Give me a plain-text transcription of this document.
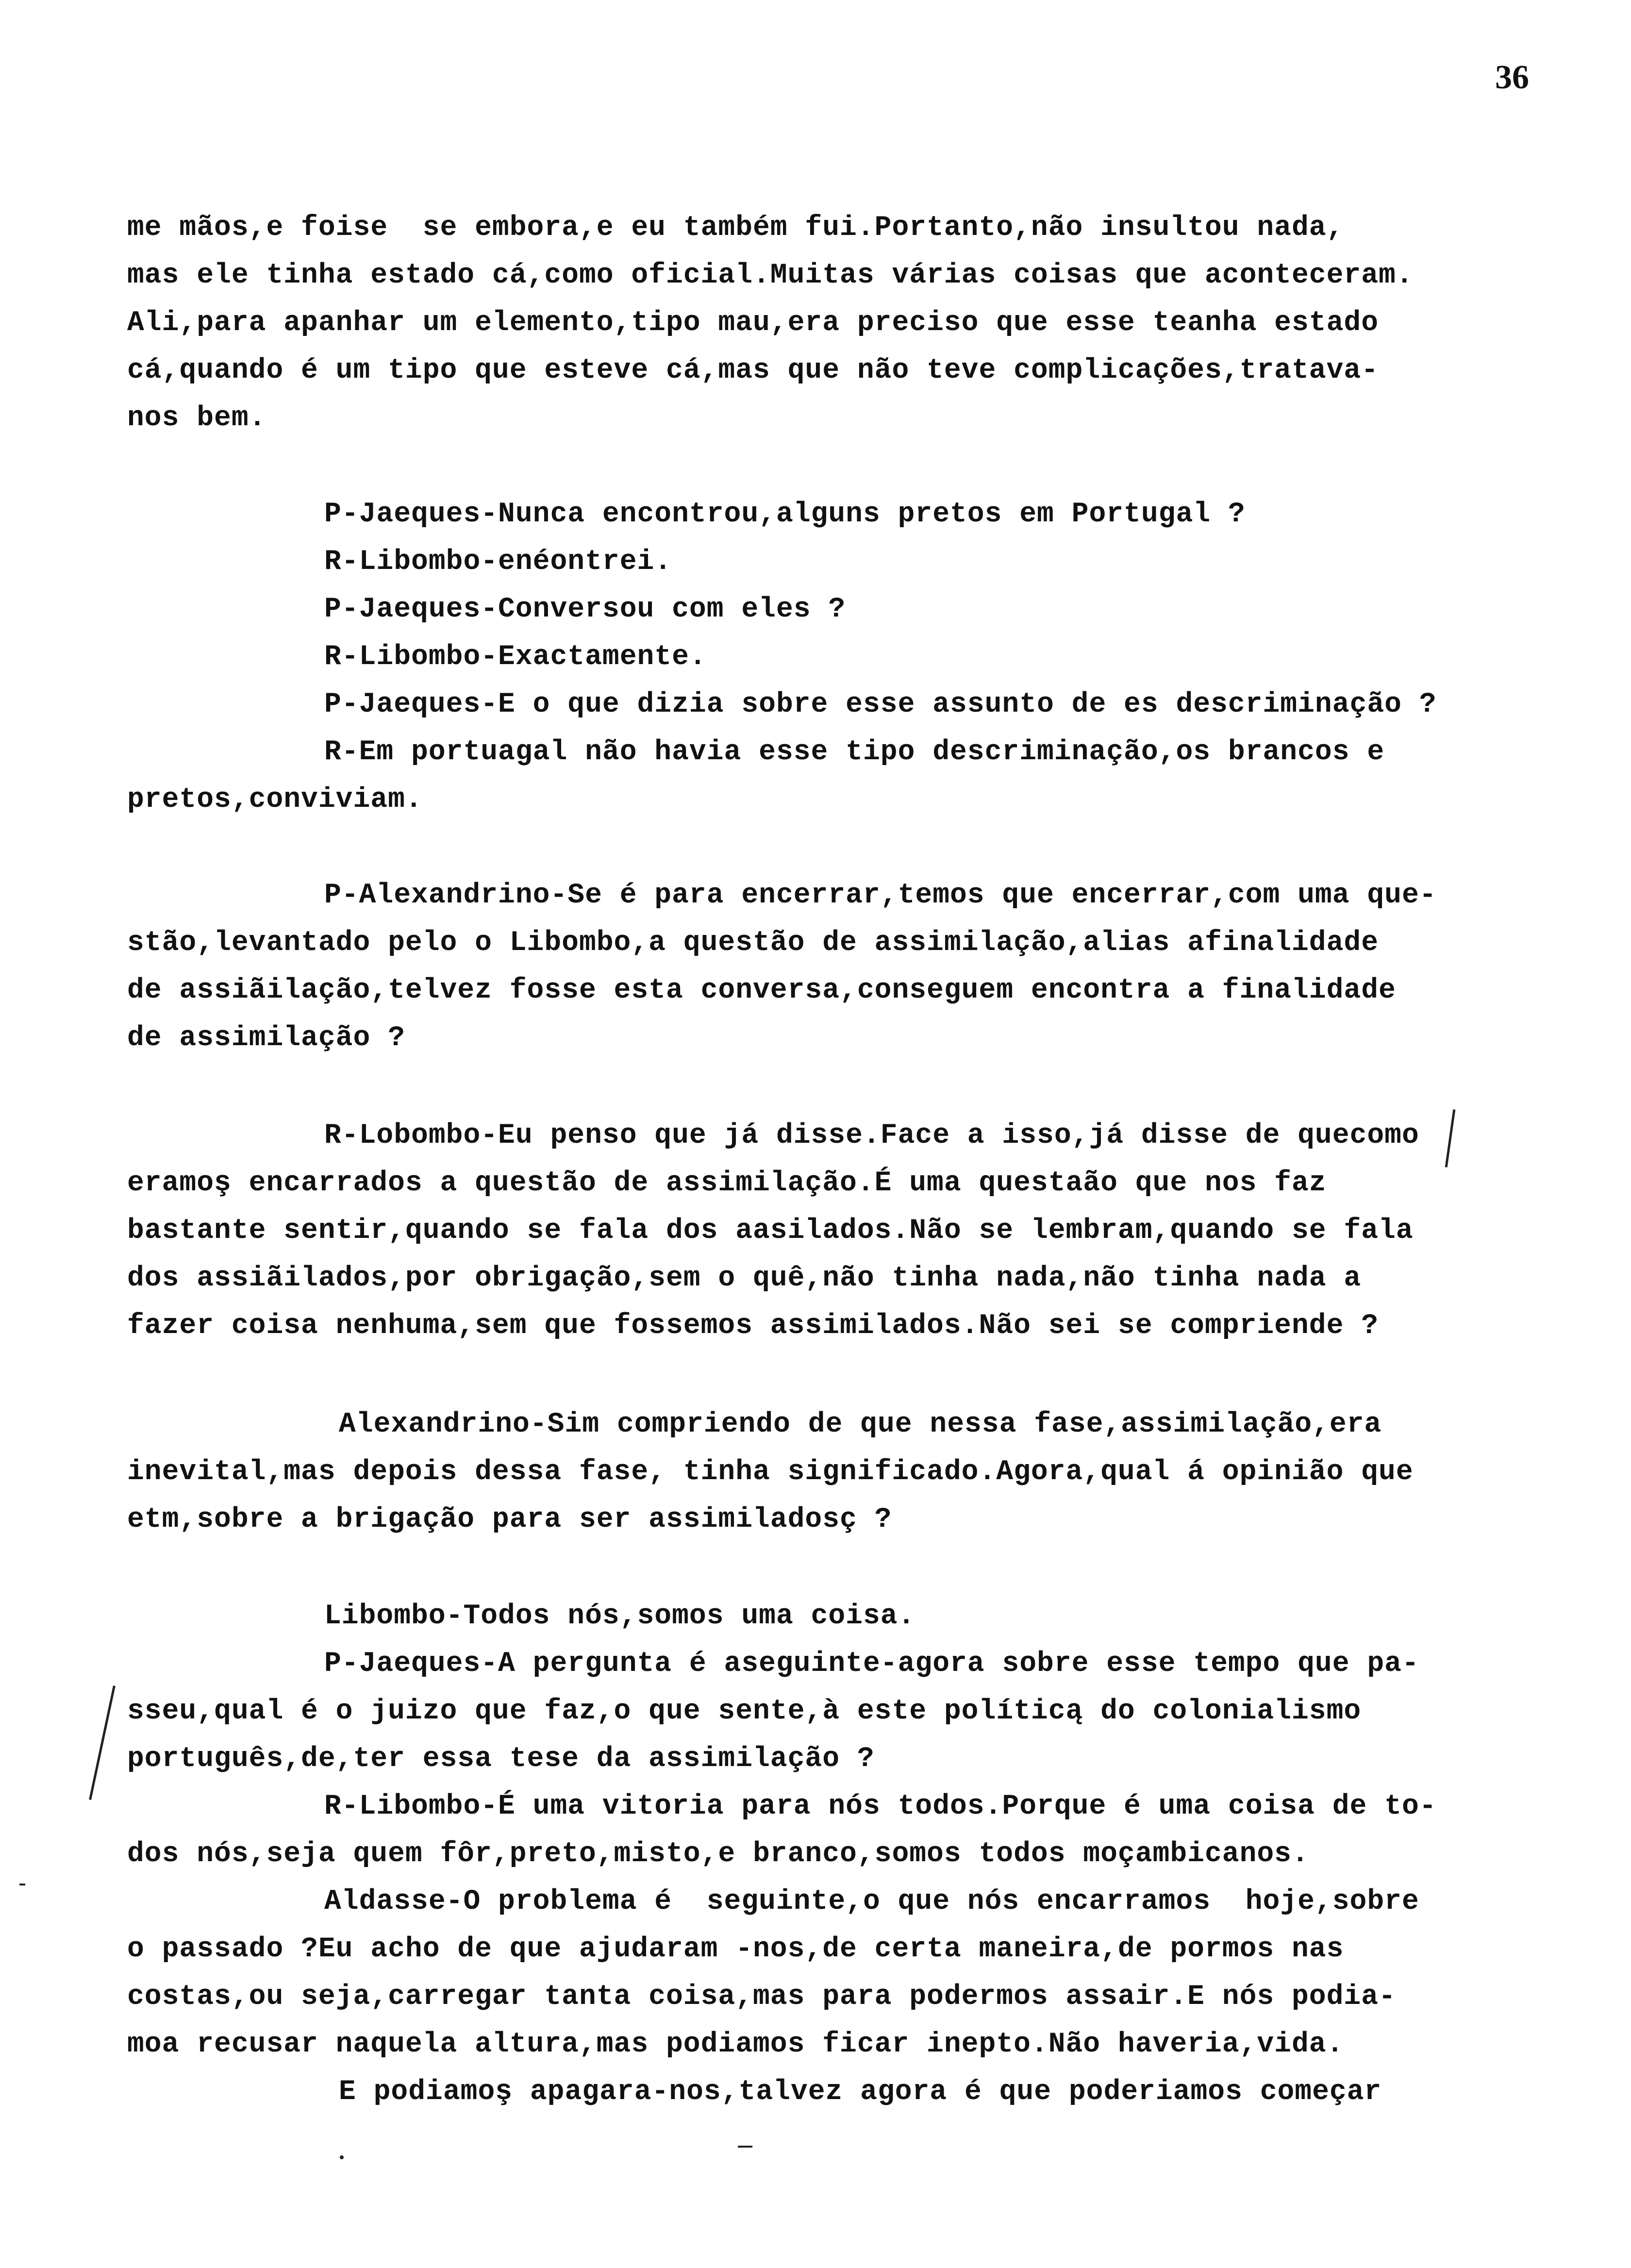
36
me mãos,e foise  se embora,e eu também fui.Portanto,não insultou nada,
mas ele tinha estado cá,como oficial.Muitas várias coisas que aconteceram.
Ali,para apanhar um elemento,tipo mau,era preciso que esse teanha estado
cá,quando é um tipo que esteve cá,mas que não teve complicações,tratava-
nos bem.
P-Jaeques-Nunca encontrou,alguns pretos em Portugal ?
R-Libombo-enéontrei.
P-Jaeques-Conversou com eles ?
R-Libombo-Exactamente.
P-Jaeques-E o que dizia sobre esse assunto de es descriminação ?
R-Em portuagal não havia esse tipo descriminação,os brancos e
pretos,conviviam.
P-Alexandrino-Se é para encerrar,temos que encerrar,com uma que-
stão,levantado pelo o Libombo,a questão de assimilação,alias afinalidade
de assiãilação,telvez fosse esta conversa,conseguem encontra a finalidade
de assimilação ?
R-Lobombo-Eu penso que já disse.Face a isso,já disse de quecomo
eramoş encarrados a questão de assimilação.É uma questaão que nos faz
bastante sentir,quando se fala dos aasilados.Não se lembram,quando se fala
dos assiãilados,por obrigação,sem o quê,não tinha nada,não tinha nada a
fazer coisa nenhuma,sem que fossemos assimilados.Não sei se compriende ?
Alexandrino-Sim compriendo de que nessa fase,assimilação,era
inevital,mas depois dessa fase, tinha significado.Agora,qual á opinião que
etm,sobre a brigação para ser assimiladosç ?
Libombo-Todos nós,somos uma coisa.
P-Jaeques-A pergunta é aseguinte-agora sobre esse tempo que pa-
sseu,qual é o juizo que faz,o que sente,à este políticą do colonialismo
português,de,ter essa tese da assimilação ?
R-Libombo-É uma vitoria para nós todos.Porque é uma coisa de to-
dos nós,seja quem fôr,preto,misto,e branco,somos todos moçambicanos.
Aldasse-O problema é  seguinte,o que nós encarramos  hoje,sobre
o passado ?Eu acho de que ajudaram -nos,de certa maneira,de pormos nas
costas,ou seja,carregar tanta coisa,mas para podermos assair.E nós podia-
moa recusar naquela altura,mas podiamos ficar inepto.Não haveria,vida.
E podiamoş apagara-nos,talvez agora é que poderiamos começar
